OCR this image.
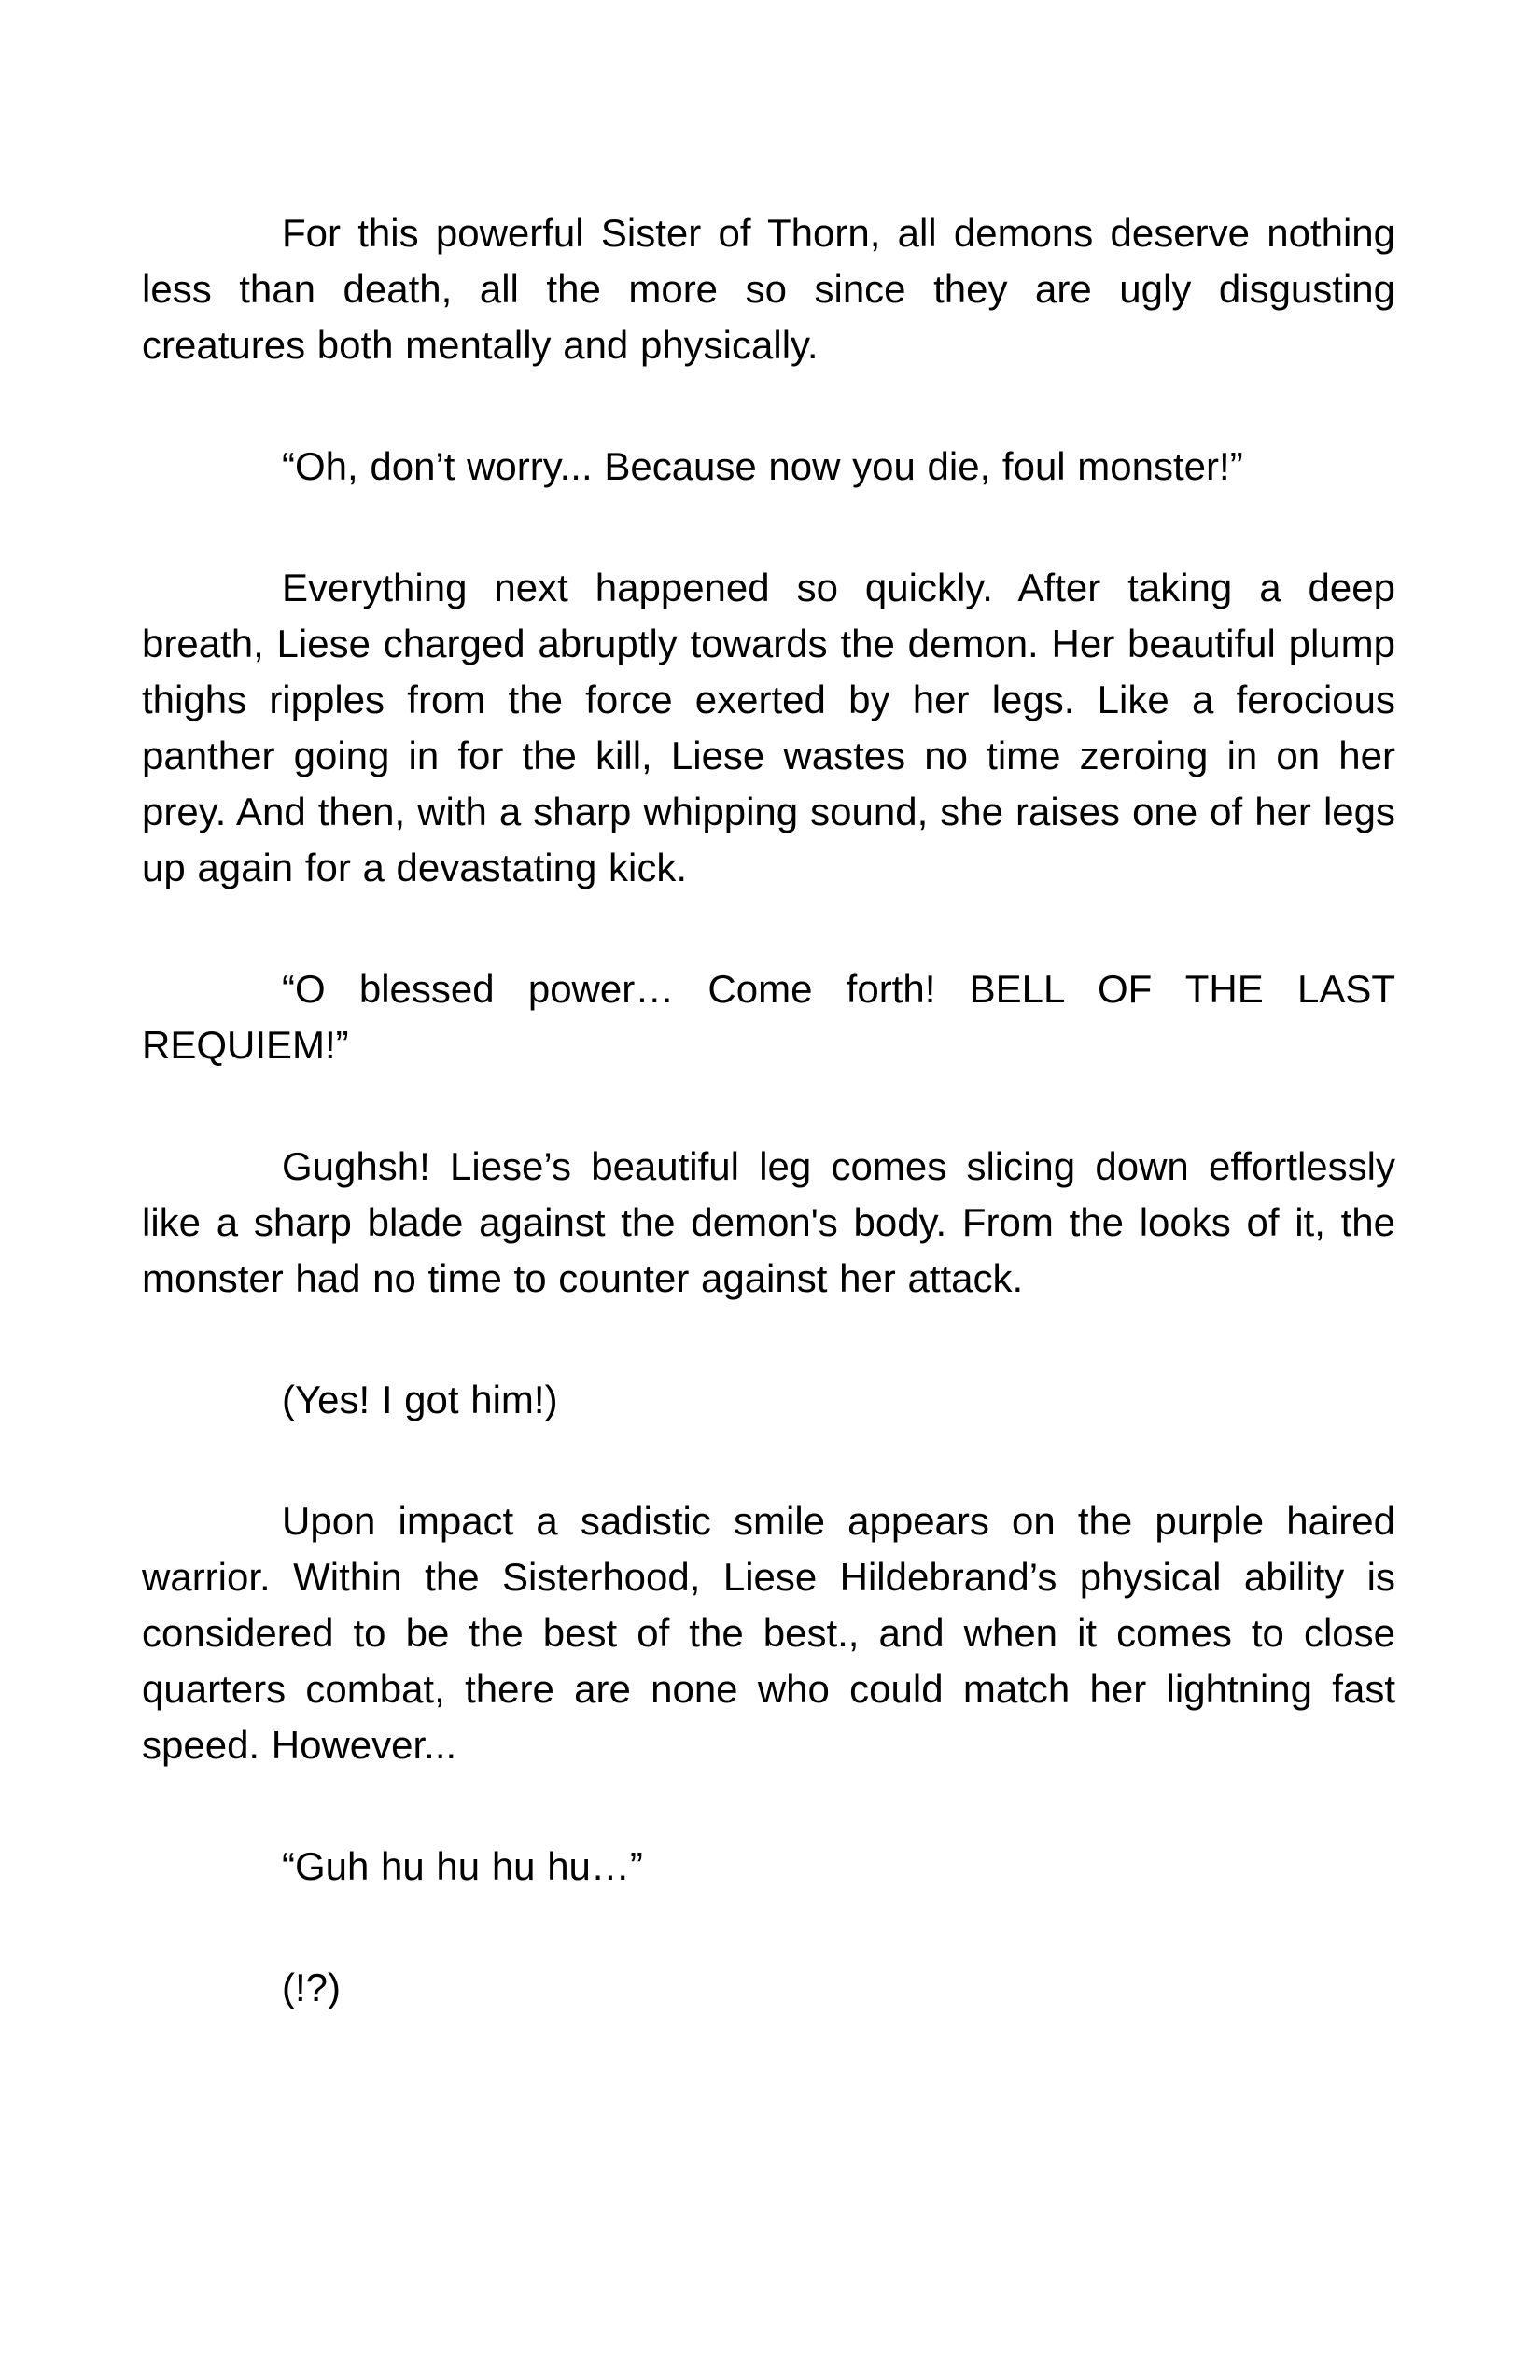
For this powerful Sister of Thorn, all demons deserve nothing less than death, all the more so since they are ugly disgusting creatures both mentally and physically.

“Oh, don’t worry... Because now you die, foul monster!”

Everything next happened so quickly. After taking a deep breath, Liese charged abruptly towards the demon. Her beautiful plump thighs ripples from the force exerted by her legs. Like a ferocious panther going in for the kill, Liese wastes no time zeroing in on her prey. And then, with a sharp whipping sound, she raises one of her legs up again for a devastating kick.

“O blessed power… Come forth! BELL OF THE LAST REQUIEM!”

Gughsh! Liese’s beautiful leg comes slicing down effortlessly like a sharp blade against the demon's body. From the looks of it, the monster had no time to counter against her attack.

(Yes! I got him!)

Upon impact a sadistic smile appears on the purple haired warrior. Within the Sisterhood, Liese Hildebrand’s physical ability is considered to be the best of the best., and when it comes to close quarters combat, there are none who could match her lightning fast speed. However...

“Guh hu hu hu hu…”

(!?)
